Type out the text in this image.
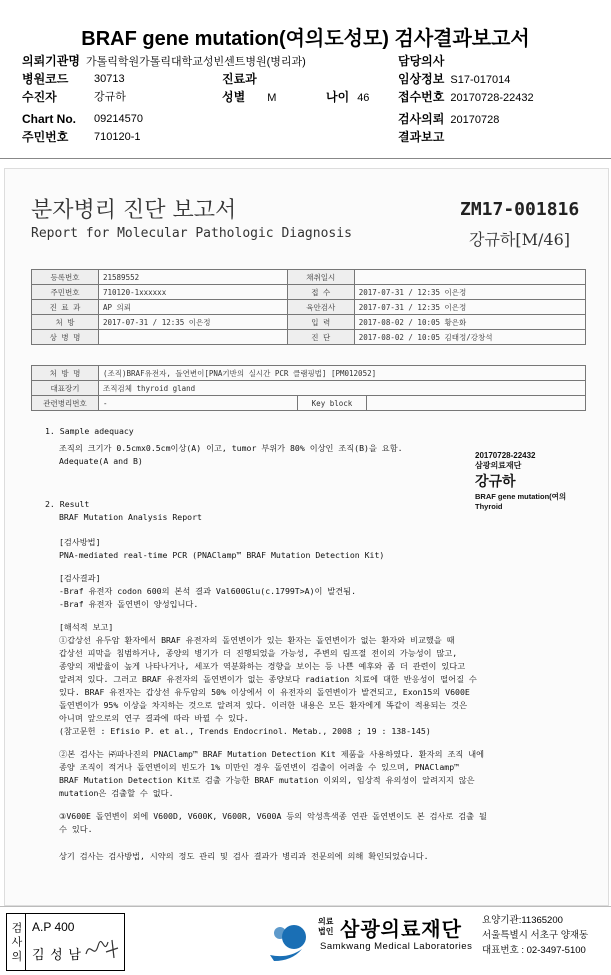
BRAF gene mutation(여의도성모) 검사결과보고서
의뢰기관명 가톨릭학원가톨릭대학교성빈센트병원(병리과)	담당의사
병원코드 30713	진료과	임상정보 S17-017014
수진자	강규하	성별 M	나이 46 접수번호 20170728-22432
Chart No. 09214570	검사의뢰 20170728
주민번호 710120-1	결과보고
분자병리 진단 보고서
Report for Molecular Pathologic Diagnosis
ZM17-001816
강규하[M/46]
등록번호	21589552	채취일시	
주민번호	710120-1xxxxxx	접 수	2017-07-31 / 12:35 이은정
진 료 과	AP 의뢰	육안검사	2017-07-31 / 12:35 이은정
처 방	2017-07-31 / 12:35 이은정	입 력	2017-08-02 / 10:05 황은화
상 병 명		진 단	2017-08-02 / 10:05 김태정/강창석
처 방 명	(조직)BRAF유전자, 돌연변이[PNA기반의 실시간 PCR 클램핑법] [PM012052]		
대표장기	조직검체 thyroid gland		
관련병리번호	-	Key block	
1. Sample adequacy
조직의 크기가 0.5cmx0.5cm이상(A) 이고, tumor 부위가 80% 이상인 조직(B)을 요함.
Adequate(A and B)
2. Result
BRAF Mutation Analysis Report
[검사방법]
PNA-mediated real-time PCR (PNAClamp™ BRAF Mutation Detection Kit)
[검사결과]
-Braf 유전자 codon 600의 본석 결과 Val600Glu(c.1799T>A)이 발견됨.
-Braf 유전자 돌연변이 양성입니다.
[해석적 보고]
①갑상선 유두암 환자에서 BRAF 유전자의 돌연변이가 있는 환자는 돌연변이가 없는 환자와 비교했을 때
갑상선 피막을 침범하거나, 종양의 병기가 더 진행되었을 가능성, 주변의 림프절 전이의 가능성이 많고,
종양의 재발율이 높게 나타나거나, 세포가 역분화하는 경향을 보이는 등 나쁜 예후와 좀 더 관련이 있다고
알려져 있다. 그러고 BRAF 유전자의 돌연변이가 없는 종양보다 radiation 치료에 대한 반응성이 떨어질 수
있다. BRAF 유전자는 갑상선 유두암의 50% 이상에서 이 유전자의 돌연변이가 발견되고, Exon15의 V600E
돌연변이가 95% 이상을 차지하는 것으로 알려져 있다. 이러한 내용은 모든 환자에게 똑같이 적용되는 것은
아니며 앞으로의 연구 결과에 따라 바뀔 수 있다.
(참고문헌 : Efisio P. et al., Trends Endocrinol. Metab., 2008 ; 19 : 138-145)
②본 검사는 ㈜파나진의 PNAClamp™ BRAF Mutation Detection Kit 제품을 사용하였다. 환자의 조직 내에
종양 조직이 적거나 돌연변이의 빈도가 1% 미만인 경우 돌연변이 검출이 어려울 수 있으며, PNAClamp™
BRAF Mutation Detection Kit로 검출 가능한 BRAF mutation 이외의, 임상적 유의성이 알려지지 않은
mutation은 검출할 수 없다.
③V600E 돌연변이 외에 V600D, V600K, V600R, V600A 등의 악성흑색종 연관 돌연변이도 본 검사로 검출 될
수 있다.
상기 검사는 검사방법, 시약의 정도 관리 및 검사 결과가 병리과 전문의에 의해 확인되었습니다.
20170728-22432
삼광의료재단
강규하
BRAF gene mutation(여의
Thyroid
검 사 의 A.P 400
김 성 남	SML
의료
법인 삼광의료재단
Samkwang Medical Laboratories
요양기관:11365200
서울특별시 서초구 양재동
대표번호 : 02-3497-5100
